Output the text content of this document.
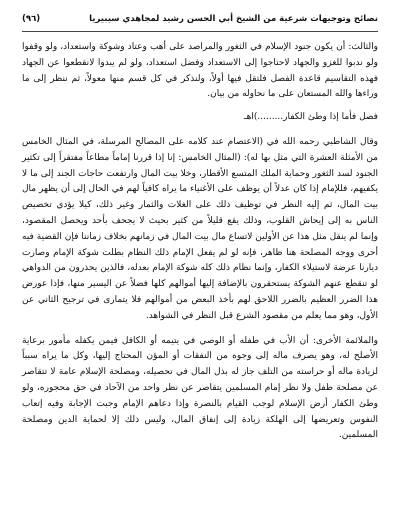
نصائح وتوجيهات شرعية من الشيخ أبي الحسن رشيد لمجاهدي سيبيريا
(٩٦)

والثالث: أن يكون جنود الإسلام في الثغور والمراصد على أهب وعتاد وشوكة واستعداد، ولو وقفوا ولو ندبوا للغزو والجهاد لاحتاجوا إلى الاستعداد وفضل استعداد، ولو لم يبدوا لانقطعوا عن الجهاد فهذه التقاسيم قاعدة الفصل فلتقل فيها أولاً، ولنذكر في كل قسم منها معولاً، ثم ننظر إلى ما وراءها والله المستعان على ما نحاوله من بيان.

فصل فأما إذا وطئ الكفار.........)اهـ

وقال الشاطبي رحمه الله في (الاعتصام عند كلامه على المصالح المرسلة، في المثال الخامس من الأمثلة العشرة التي مثل بها له): (المثال الخامس: إنا إذا قررنا إماماً مطاعاً مفتقراً إلى تكثير الجنود لسد الثغور وحماية الملك المتسع الأقطار، وخلا بيت المال وارتفعت حاجات الجند إلى ما لا يكفيهم، فللإمام إذا كان عدلاً أن يوظف على الأغنياء ما يراه كافياً لهم في الحال إلى أن يظهر مال بيت المال، ثم إليه النظر في توظيف ذلك على الغلات والثمار وغير ذلك، كيلا يؤدي تخصيص الناس به إلى إيحاش القلوب، وذلك يقع قليلاً من كثير بحيث لا يجحف بأحد ويحصل المقصود، وإنما لم ينقل مثل هذا عن الأولين لاتساع مال بيت المال في زمانهم بخلاف زماننا فإن القضية فيه أحرى ووجه المصلحة هنا ظاهر، فإنه لو لم يفعل الإمام ذلك النظام بطلت شوكة الإمام وصارت ديارنا عرضة لاستيلاء الكفار، وإنما نظام ذلك كله شوكة الإمام بعدله، فالذين يحذرون من الدواهي لو تنقطع عنهم الشوكة يستحقرون بالإضافة إليها أموالهم كلها فضلاً عن اليسير منها، فإذا عورض هذا الضرر العظيم بالضرر اللاحق لهم بأخذ البعض من أموالهم فلا يتمارى في ترجيح الثاني عن الأول، وهو مما يعلم من مقصود الشرع قبل النظر في الشواهد.

والملائمة الأخرى: أن الأب في طفله أو الوصي في يتيمه أو الكافل فيمن يكفله مأمور برعاية الأصلح له، وهو يصرف ماله إلى وجوه من النفقات أو المؤن المحتاج إليها، وكل ما يراه سبباً لزيادة ماله أو حراسته من التلف جاز له بذل المال في تحصيله، ومصلحة الإسلام عامة لا تتقاصر عن مصلحة طفل ولا نظر إمام المسلمين يتقاصر عن نظر واحد من الآحاد في حق محجوره، ولو وطئ الكفار أرض الإسلام لوجب القيام بالنصرة وإذا دعاهم الإمام وجبت الإجابة وفيه إتعاب النفوس وتعريضها إلى الهلكة زيادة إلى إنفاق المال، وليس ذلك إلا لحماية الدين ومصلحة المسلمين.
